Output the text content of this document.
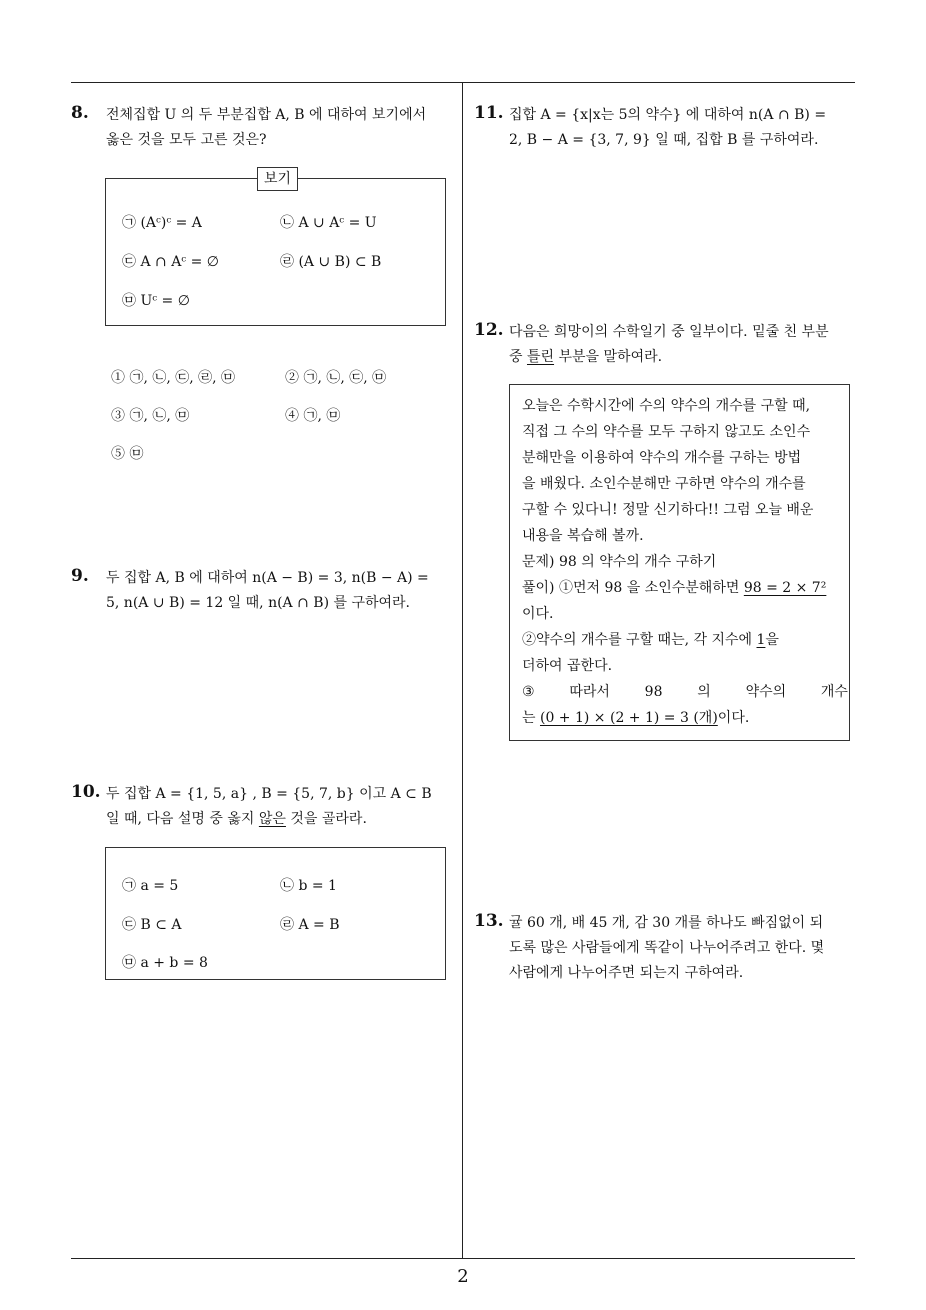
8. 전체집합 U 의 두 부분집합 A, B 에 대하여 보기에서
옳은 것을 모두 고른 것은?
보기
㉠ (Aᶜ)ᶜ = A	㉡ A ∪ Aᶜ = U
㉢ A ∩ Aᶜ = ∅	㉣ (A ∪ B) ⊂ B
㉤ Uᶜ = ∅
① ㉠, ㉡, ㉢, ㉣, ㉤	② ㉠, ㉡, ㉢, ㉤
③ ㉠, ㉡, ㉤	④ ㉠, ㉤
⑤ ㉤
9. 두 집합 A, B 에 대하여 n(A − B) = 3, n(B − A) =
5, n(A ∪ B) = 12 일 때, n(A ∩ B) 를 구하여라.
10. 두 집합 A = {1, 5, a} , B = {5, 7, b} 이고 A ⊂ B
일 때, 다음 설명 중 옳지 않은 것을 골라라.
㉠ a = 5	㉡ b = 1
㉢ B ⊂ A	㉣ A = B
㉤ a + b = 8
11. 집합 A = {x|x는 5의 약수} 에 대하여 n(A ∩ B) =
2, B − A = {3, 7, 9} 일 때, 집합 B 를 구하여라.
12. 다음은 희망이의 수학일기 중 일부이다. 밑줄 친 부분
중 틀린 부분을 말하여라.
오늘은 수학시간에 수의 약수의 개수를 구할 때,
직접 그 수의 약수를 모두 구하지 않고도 소인수
분해만을 이용하여 약수의 개수를 구하는 방법
을 배웠다. 소인수분해만 구하면 약수의 개수를
구할 수 있다니! 정말 신기하다!! 그럼 오늘 배운
내용을 복습해 볼까.
문제) 98 의 약수의 개수 구하기
풀이) ①먼저 98 을 소인수분해하면 98 = 2 × 7²
이다.
②약수의 개수를 구할 때는, 각 지수에 1을
더하여 곱한다.
③ 따라서 98 의 약수의 개수
는 (0 + 1) × (2 + 1) = 3 (개)이다.
13. 귤 60 개, 배 45 개, 감 30 개를 하나도 빠짐없이 되
도록 많은 사람들에게 똑같이 나누어주려고 한다. 몇
사람에게 나누어주면 되는지 구하여라.
2
